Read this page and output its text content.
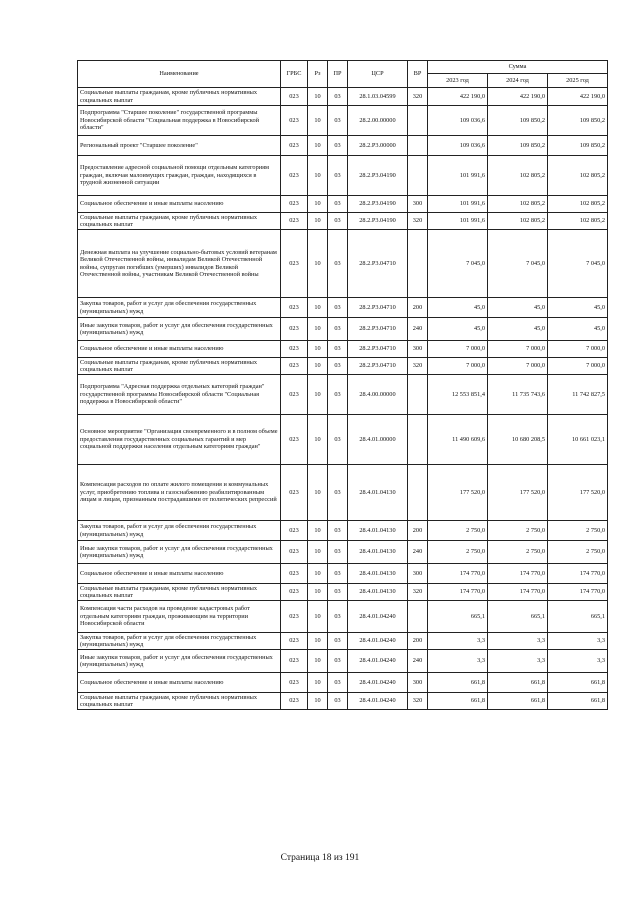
Наименование	ГРБС	Рз	ПР	ЦСР	ВР	Сумма		
						2023 год	2024 год	2025 год
Социальные выплаты гражданам, кроме публичных нормативных социальных выплат	023	10	03	28.1.03.04599	320	422 190,0	422 190,0	422 190,0
Подпрограмма "Старшее поколение" государственной программы Новосибирской области "Социальная поддержка в Новосибирской области"	023	10	03	28.2.00.00000		109 036,6	109 850,2	109 850,2
Региональный проект "Старшее поколение"	023	10	03	28.2.P3.00000		109 036,6	109 850,2	109 850,2
Предоставление адресной социальной помощи отдельным категориям граждан, включая малоимущих граждан, граждан, находящихся в трудной жизненной ситуации	023	10	03	28.2.P3.04190		101 991,6	102 805,2	102 805,2
Социальное обеспечение и иные выплаты населению	023	10	03	28.2.P3.04190	300	101 991,6	102 805,2	102 805,2
Социальные выплаты гражданам, кроме публичных нормативных социальных выплат	023	10	03	28.2.P3.04190	320	101 991,6	102 805,2	102 805,2
Денежная выплата на улучшение социально-бытовых условий ветеранам Великой Отечественной войны, инвалидам Великой Отечественной войны, супругам погибших (умерших) инвалидов Великой Отечественной войны, участникам Великой Отечественной войны	023	10	03	28.2.P3.04710		7 045,0	7 045,0	7 045,0
Закупка товаров, работ и услуг для обеспечения государственных (муниципальных) нужд	023	10	03	28.2.P3.04710	200	45,0	45,0	45,0
Иные закупки товаров, работ и услуг для обеспечения государственных (муниципальных) нужд	023	10	03	28.2.P3.04710	240	45,0	45,0	45,0
Социальное обеспечение и иные выплаты населению	023	10	03	28.2.P3.04710	300	7 000,0	7 000,0	7 000,0
Социальные выплаты гражданам, кроме публичных нормативных социальных выплат	023	10	03	28.2.P3.04710	320	7 000,0	7 000,0	7 000,0
Подпрограмма "Адресная поддержка отдельных категорий граждан" государственной программы Новосибирской области "Социальная поддержка в Новосибирской области"	023	10	03	28.4.00.00000		12 553 851,4	11 735 743,6	11 742 827,5
Основное мероприятие "Организация своевременного и в полном объеме предоставления государственных социальных гарантий и мер социальной поддержки населения отдельным категориям граждан"	023	10	03	28.4.01.00000		11 490 609,6	10 680 208,5	10 661 023,1
Компенсация расходов по оплате жилого помещения и коммунальных услуг, приобретению топлива и газоснабжению реабилитированным лицам и лицам, признанным пострадавшими от политических репрессий	023	10	03	28.4.01.04130		177 520,0	177 520,0	177 520,0
Закупка товаров, работ и услуг для обеспечения государственных (муниципальных) нужд	023	10	03	28.4.01.04130	200	2 750,0	2 750,0	2 750,0
Иные закупки товаров, работ и услуг для обеспечения государственных (муниципальных) нужд	023	10	03	28.4.01.04130	240	2 750,0	2 750,0	2 750,0
Социальное обеспечение и иные выплаты населению	023	10	03	28.4.01.04130	300	174 770,0	174 770,0	174 770,0
Социальные выплаты гражданам, кроме публичных нормативных социальных выплат	023	10	03	28.4.01.04130	320	174 770,0	174 770,0	174 770,0
Компенсация части расходов на проведение кадастровых работ отдельным категориям граждан, проживающим на территории Новосибирской области	023	10	03	28.4.01.04240		665,1	665,1	665,1
Закупка товаров, работ и услуг для обеспечения государственных (муниципальных) нужд	023	10	03	28.4.01.04240	200	3,3	3,3	3,3
Иные закупки товаров, работ и услуг для обеспечения государственных (муниципальных) нужд	023	10	03	28.4.01.04240	240	3,3	3,3	3,3
Социальное обеспечение и иные выплаты населению	023	10	03	28.4.01.04240	300	661,8	661,8	661,8
Социальные выплаты гражданам, кроме публичных нормативных социальных выплат	023	10	03	28.4.01.04240	320	661,8	661,8	661,8
Страница 18 из 191
